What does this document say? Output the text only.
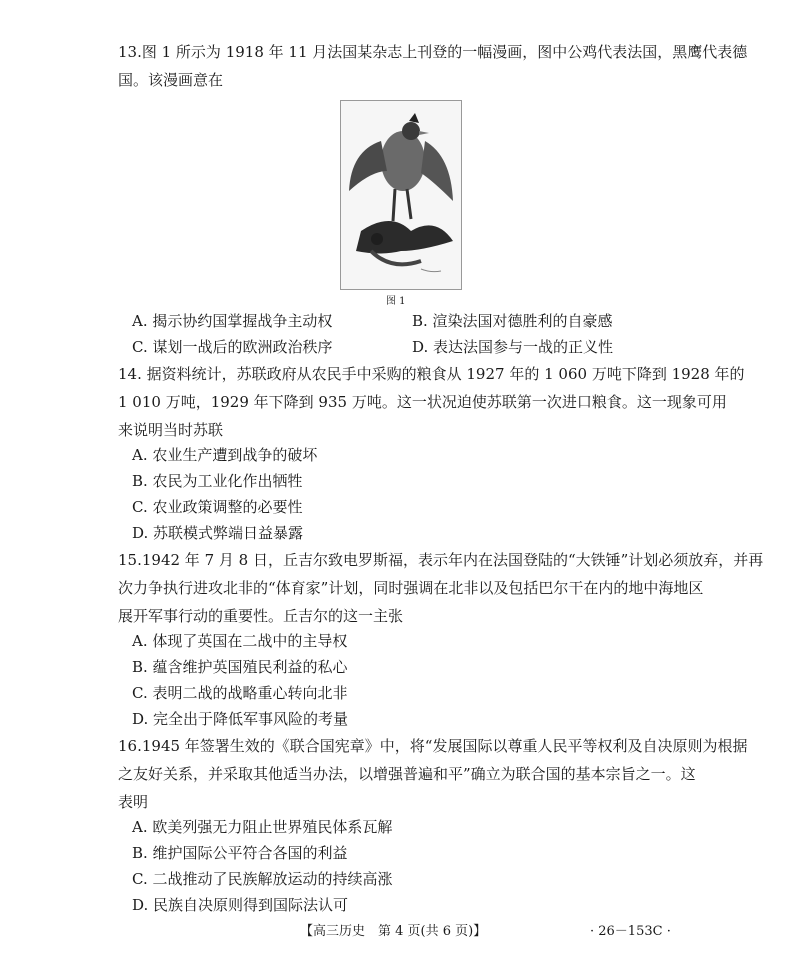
13.图 1 所示为 1918 年 11 月法国某杂志上刊登的一幅漫画，图中公鸡代表法国，黑鹰代表德
国。该漫画意在
图 1
A. 揭示协约国掌握战争主动权	B. 渲染法国对德胜利的自豪感
C. 谋划一战后的欧洲政治秩序	D. 表达法国参与一战的正义性
14. 据资料统计，苏联政府从农民手中采购的粮食从 1927 年的 1 060 万吨下降到 1928 年的
1 010 万吨，1929 年下降到 935 万吨。这一状况迫使苏联第一次进口粮食。这一现象可用
来说明当时苏联
A. 农业生产遭到战争的破坏
B. 农民为工业化作出牺牲
C. 农业政策调整的必要性
D. 苏联模式弊端日益暴露
15.1942 年 7 月 8 日，丘吉尔致电罗斯福，表示年内在法国登陆的“大铁锤”计划必须放弃，并再
次力争执行进攻北非的“体育家”计划，同时强调在北非以及包括巴尔干在内的地中海地区
展开军事行动的重要性。丘吉尔的这一主张
A. 体现了英国在二战中的主导权
B. 蕴含维护英国殖民利益的私心
C. 表明二战的战略重心转向北非
D. 完全出于降低军事风险的考量
16.1945 年签署生效的《联合国宪章》中，将“发展国际以尊重人民平等权利及自决原则为根据
之友好关系，并采取其他适当办法，以增强普遍和平”确立为联合国的基本宗旨之一。这
表明
A. 欧美列强无力阻止世界殖民体系瓦解
B. 维护国际公平符合各国的利益
C. 二战推动了民族解放运动的持续高涨
D. 民族自决原则得到国际法认可
【高三历史　第 4 页(共 6 页)】	· 26－153C ·
